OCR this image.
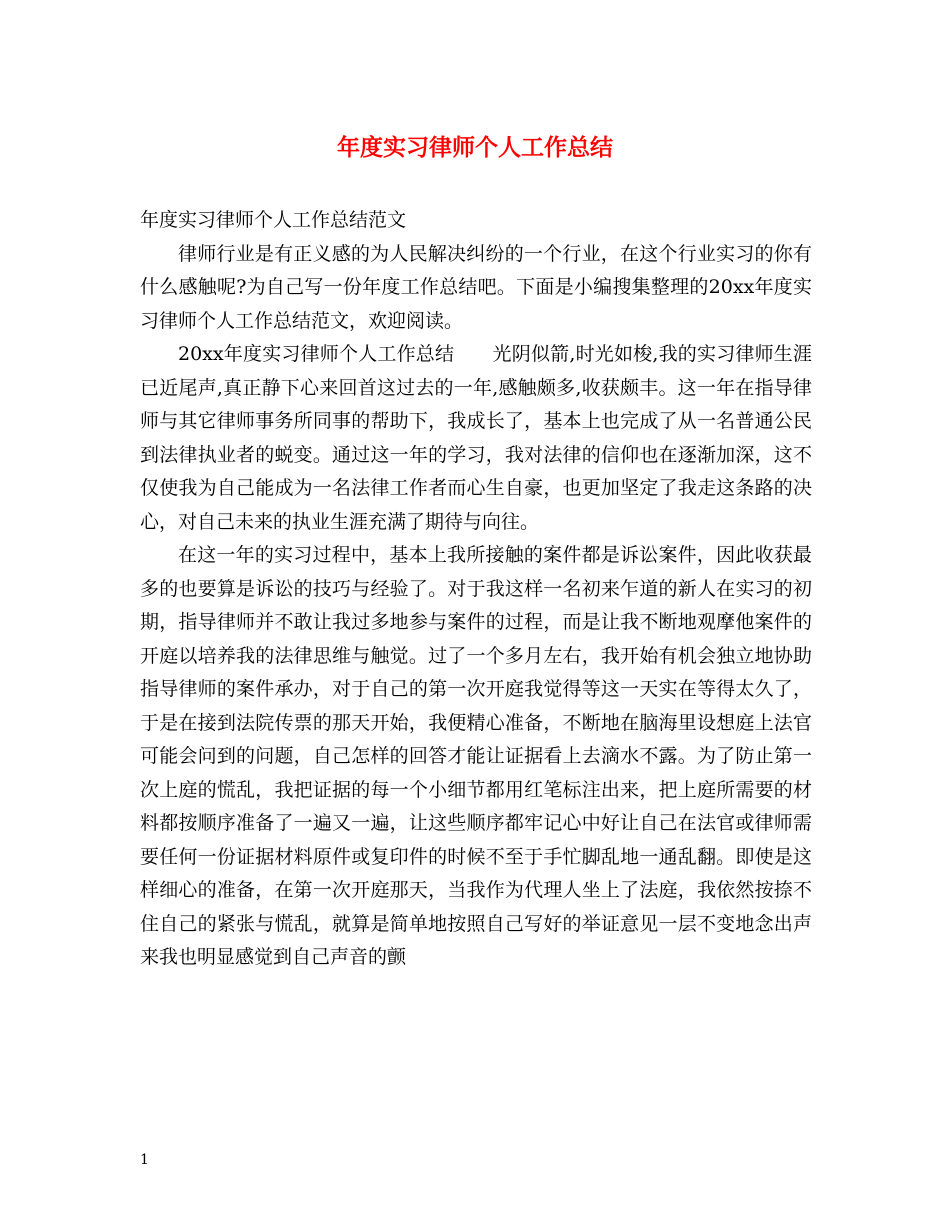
年度实习律师个人工作总结

年度实习律师个人工作总结范文

律师行业是有正义感的为人民解决纠纷的一个行业，在这个行业实习的你有什么感触呢?为自己写一份年度工作总结吧。下面是小编搜集整理的20xx年度实习律师个人工作总结范文，欢迎阅读。

20xx年度实习律师个人工作总结　　光阴似箭,时光如梭,我的实习律师生涯已近尾声,真正静下心来回首这过去的一年,感触颇多,收获颇丰。这一年在指导律师与其它律师事务所同事的帮助下，我成长了，基本上也完成了从一名普通公民到法律执业者的蜕变。通过这一年的学习，我对法律的信仰也在逐渐加深，这不仅使我为自己能成为一名法律工作者而心生自豪，也更加坚定了我走这条路的决心，对自己未来的执业生涯充满了期待与向往。

在这一年的实习过程中，基本上我所接触的案件都是诉讼案件，因此收获最多的也要算是诉讼的技巧与经验了。对于我这样一名初来乍道的新人在实习的初期，指导律师并不敢让我过多地参与案件的过程，而是让我不断地观摩他案件的开庭以培养我的法律思维与触觉。过了一个多月左右，我开始有机会独立地协助指导律师的案件承办，对于自己的第一次开庭我觉得等这一天实在等得太久了，于是在接到法院传票的那天开始，我便精心准备，不断地在脑海里设想庭上法官可能会问到的问题，自己怎样的回答才能让证据看上去滴水不露。为了防止第一次上庭的慌乱，我把证据的每一个小细节都用红笔标注出来，把上庭所需要的材料都按顺序准备了一遍又一遍，让这些顺序都牢记心中好让自己在法官或律师需要任何一份证据材料原件或复印件的时候不至于手忙脚乱地一通乱翻。即使是这样细心的准备，在第一次开庭那天，当我作为代理人坐上了法庭，我依然按捺不住自己的紧张与慌乱，就算是简单地按照自己写好的举证意见一层不变地念出声来我也明显感觉到自己声音的颤

1
